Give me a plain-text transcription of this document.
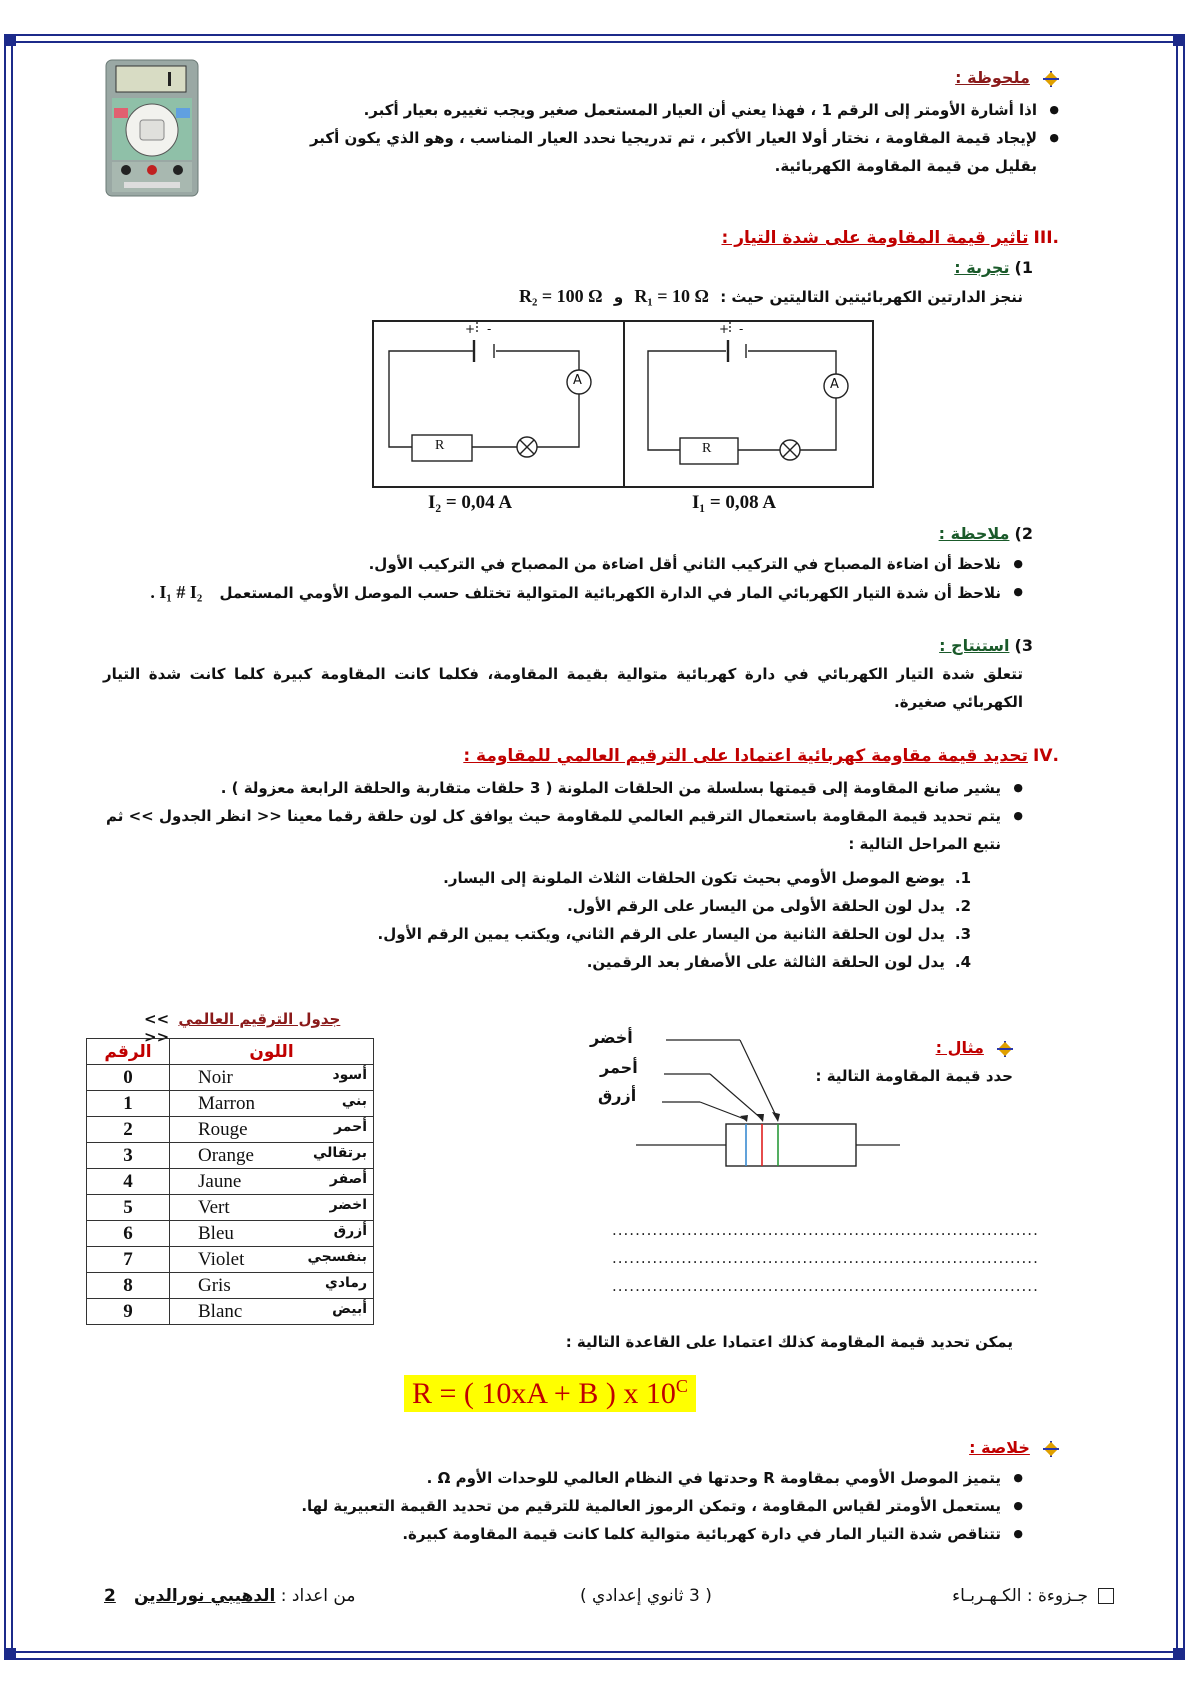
ملحوظة :
● اذا أشارة الأومتر إلى الرقم 1 ، فهذا يعني أن العيار المستعمل صغير ويجب تغييره بعيار أكبر.
● لإيجاد قيمة المقاومة ، نختار أولا العيار الأكبر ، تم تدريجيا نحدد العيار المناسب ، وهو الذي يكون أكبر بقليل من قيمة المقاومة الكهربائية.
.III تاثير قيمة المقاومة على شدة التيار :
1) تجربة :
ننجز الدارتين الكهربائيتين التاليتين حيث : R₁ = 10 Ω و R₂ = 100 Ω
+ -
R
A
+ -
R
A
I₂ = 0,04 A	I₁ = 0,08 A
2) ملاحظة :
● نلاحظ أن اضاءة المصباح في التركيب الثاني أقل اضاءة من المصباح في التركيب الأول.
● نلاحظ أن شدة التيار الكهربائي المار في الدارة الكهربائية المتوالية تختلف حسب الموصل الأومي المستعمل I₁ # I₂ .
3) استنتاج :
تتعلق شدة التيار الكهربائي في دارة كهربائية متوالية بقيمة المقاومة، فكلما كانت المقاومة كبيرة كلما كانت شدة التيار الكهربائي صغيرة.
.IV تحديد قيمة مقاومة كهربائية اعتمادا على الترقيم العالمي للمقاومة :
● يشير صانع المقاومة إلى قيمتها بسلسلة من الحلقات الملونة ( 3 حلقات متقاربة والحلقة الرابعة معزولة ) .
● يتم تحديد قيمة المقاومة باستعمال الترقيم العالمي للمقاومة حيث يوافق كل لون حلقة رقما معينا << انظر الجدول >> ثم نتبع المراحل التالية :
1.يوضع الموصل الأومي بحيث تكون الحلقات الثلاث الملونة إلى اليسار.
2.يدل لون الحلقة الأولى من اليسار على الرقم الأول.
3.يدل لون الحلقة الثانية من اليسار على الرقم الثاني، ويكتب يمين الرقم الأول.
4.يدل لون الحلقة الثالثة على الأصفار بعد الرقمين.
<< جدول الترقيم العالمي >>
الرقم	اللون
0	Noir أسود

1	Marron بني

2	Rouge أحمر

3	Orange برتقالي

4	Jaune أصفر

5	Vert اخضر

6	Bleu أزرق

7	Violet بنفسجي

8	Gris رمادي

9	Blanc أبيض
مثال :
حدد قيمة المقاومة التالية :
أخضر
أحمر
أزرق
..........................................................................
..........................................................................
..........................................................................
يمكن تحديد قيمة المقاومة كذلك اعتمادا على القاعدة التالية :
R = ( 10xA + B ) x $10^C$
خلاصة :
● يتميز الموصل الأومي بمقاومة R وحدتها في النظام العالمي للوحدات الأوم Ω .
● يستعمل الأومتر لقياس المقاومة ، وتمكن الرموز العالمية للترقيم من تحديد القيمة التعبيرية لها.
● تتناقص شدة التيار المار في دارة كهربائية متوالية كلما كانت قيمة المقاومة كبيرة.
2	من اعداد : الدهيبي نورالدين	( 3 ثانوي إعدادي )	جـزوءة : الكـهـربـاء
